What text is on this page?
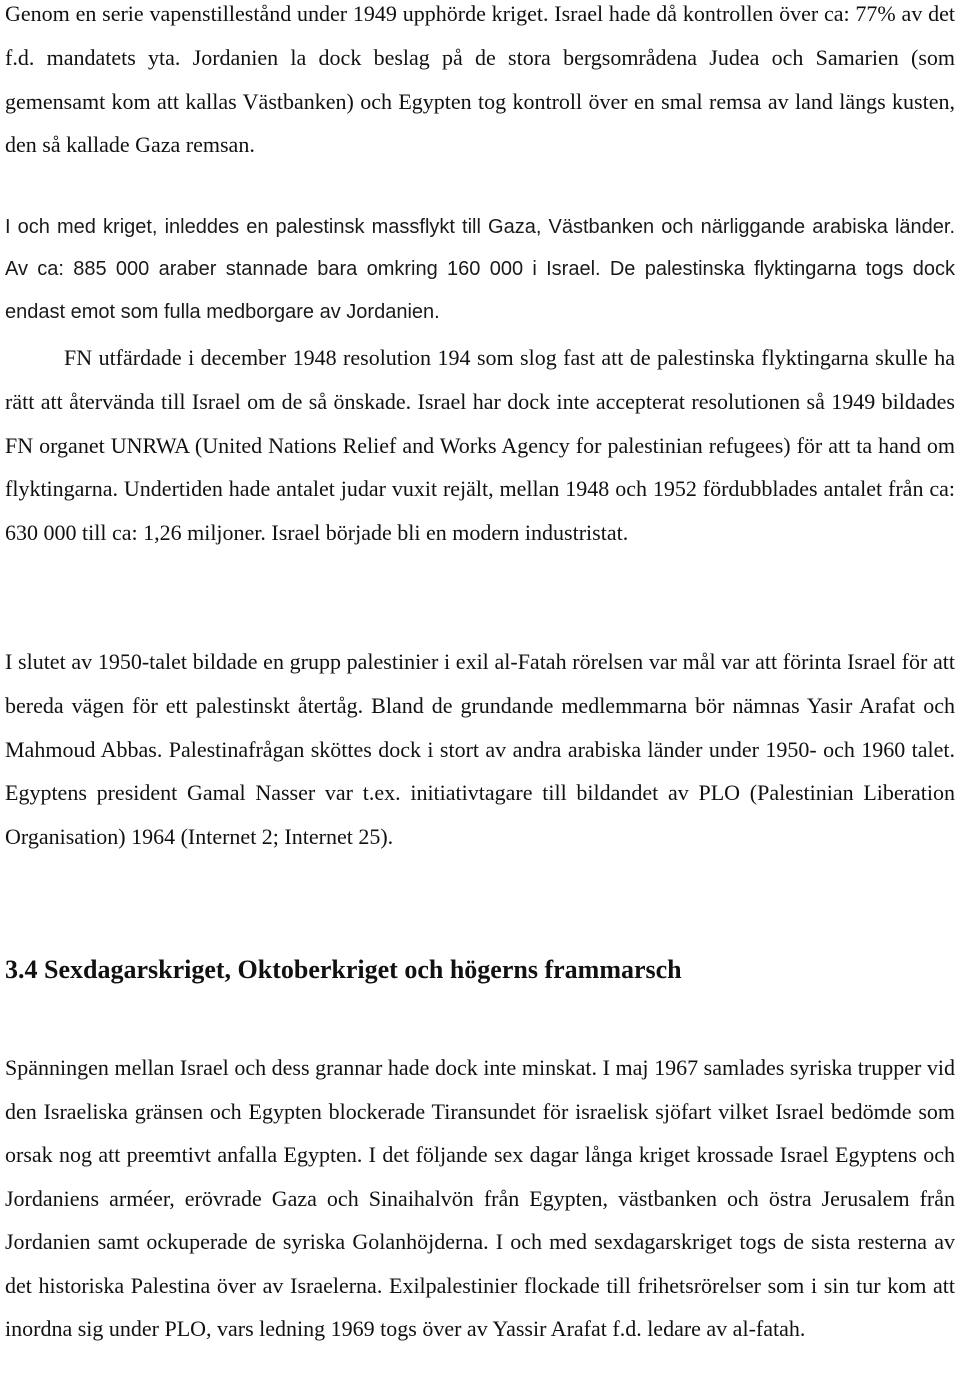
Genom en serie vapenstillestånd under 1949 upphörde kriget. Israel hade då kontrollen över ca: 77% av det f.d. mandatets yta. Jordanien la dock beslag på de stora bergsområdena Judea och Samarien (som gemensamt kom att kallas Västbanken) och Egypten tog kontroll över en smal remsa av land längs kusten, den så kallade Gaza remsan.

I och med kriget, inleddes en palestinsk massflykt till Gaza, Västbanken och närliggande arabiska länder. Av ca: 885 000 araber stannade bara omkring 160 000 i Israel. De palestinska flyktingarna togs dock endast emot som fulla medborgare av Jordanien.

FN utfärdade i december 1948 resolution 194 som slog fast att de palestinska flyktingarna skulle ha rätt att återvända till Israel om de så önskade. Israel har dock inte accepterat resolutionen så 1949 bildades FN organet UNRWA (United Nations Relief and Works Agency for palestinian refugees) för att ta hand om flyktingarna. Undertiden hade antalet judar vuxit rejält, mellan 1948 och 1952 fördubblades antalet från ca: 630 000 till ca: 1,26 miljoner. Israel började bli en modern industristat.

I slutet av 1950-talet bildade en grupp palestinier i exil al-Fatah rörelsen var mål var att förinta Israel för att bereda vägen för ett palestinskt återtåg. Bland de grundande medlemmarna bör nämnas Yasir Arafat och Mahmoud Abbas. Palestinafrågan sköttes dock i stort av andra arabiska länder under 1950- och 1960 talet. Egyptens president Gamal Nasser var t.ex. initiativtagare till bildandet av PLO (Palestinian Liberation Organisation) 1964 (Internet 2; Internet 25).

3.4 Sexdagarskriget, Oktoberkriget och högerns frammarsch

Spänningen mellan Israel och dess grannar hade dock inte minskat. I maj 1967 samlades syriska trupper vid den Israeliska gränsen och Egypten blockerade Tiransundet för israelisk sjöfart vilket Israel bedömde som orsak nog att preemtivt anfalla Egypten. I det följande sex dagar långa kriget krossade Israel Egyptens och Jordaniens arméer, erövrade Gaza och Sinaihalvön från Egypten, västbanken och östra Jerusalem från Jordanien samt ockuperade de syriska Golanhöjderna. I och med sexdagarskriget togs de sista resterna av det historiska Palestina över av Israelerna. Exilpalestinier flockade till frihetsrörelser som i sin tur kom att inordna sig under PLO, vars ledning 1969 togs över av Yassir Arafat f.d. ledare av al-fatah.
